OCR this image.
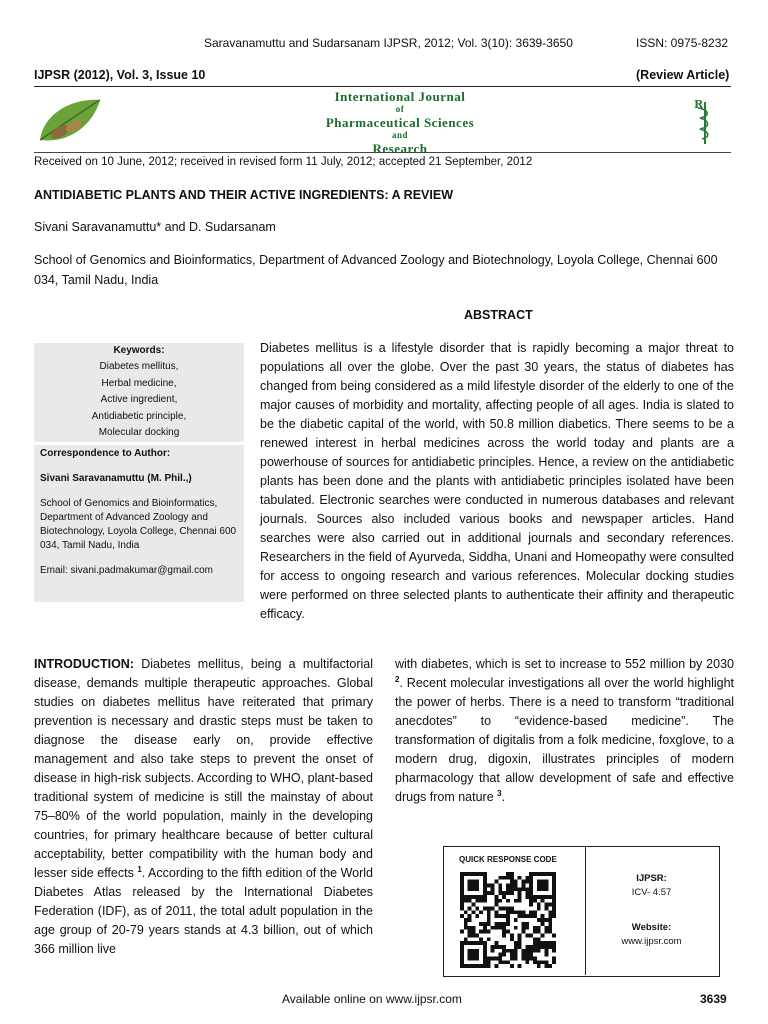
Saravanamuttu and Sudarsanam IJPSR, 2012; Vol. 3(10): 3639-3650	ISSN: 0975-8232
IJPSR (2012), Vol. 3, Issue 10	(Review Article)
International Journal
of
Pharmaceutical Sciences
and
Research
R
Received on 10 June, 2012; received in revised form 11 July, 2012; accepted 21 September, 2012
ANTIDIABETIC PLANTS AND THEIR ACTIVE INGREDIENTS: A REVIEW
Sivani Saravanamuttu* and D. Sudarsanam
School of Genomics and Bioinformatics, Department of Advanced Zoology and Biotechnology, Loyola College, Chennai 600 034, Tamil Nadu, India
ABSTRACT
Diabetes mellitus is a lifestyle disorder that is rapidly becoming a major threat to populations all over the globe. Over the past 30 years, the status of diabetes has changed from being considered as a mild lifestyle disorder of the elderly to one of the major causes of morbidity and mortality, affecting people of all ages. India is slated to be the diabetic capital of the world, with 50.8 million diabetics. There seems to be a renewed interest in herbal medicines across the world today and plants are a powerhouse of sources for antidiabetic principles. Hence, a review on the antidiabetic plants has been done and the plants with antidiabetic principles isolated have been tabulated. Electronic searches were conducted in numerous databases and relevant journals. Sources also included various books and newspaper articles. Hand searches were also carried out in additional journals and secondary references. Researchers in the field of Ayurveda, Siddha, Unani and Homeopathy were consulted for access to ongoing research and various references. Molecular docking studies were performed on three selected plants to authenticate their affinity and therapeutic efficacy.
Keywords:
Diabetes mellitus,
Herbal medicine,
Active ingredient,
Antidiabetic principle,
Molecular docking
Correspondence to Author:
Sivani Saravanamuttu (M. Phil.,)
School of Genomics and Bioinformatics, Department of Advanced Zoology and Biotechnology, Loyola College, Chennai 600 034, Tamil Nadu, India
Email: sivani.padmakumar@gmail.com
INTRODUCTION: Diabetes mellitus, being a multifactorial disease, demands multiple therapeutic approaches. Global studies on diabetes mellitus have reiterated that primary prevention is necessary and drastic steps must be taken to diagnose the disease early on, provide effective management and also take steps to prevent the onset of disease in high-risk subjects. According to WHO, plant-based traditional system of medicine is still the mainstay of about 75–80% of the world population, mainly in the developing countries, for primary healthcare because of better cultural acceptability, better compatibility with the human body and lesser side effects $^1$. According to the fifth edition of the World Diabetes Atlas released by the International Diabetes Federation (IDF), as of 2011, the total adult population in the age group of 20-79 years stands at 4.3 billion, out of which 366 million live
with diabetes, which is set to increase to 552 million by 2030 $^2$. Recent molecular investigations all over the world highlight the power of herbs. There is a need to transform “traditional anecdotes” to “evidence-based medicine”. The transformation of digitalis from a folk medicine, foxglove, to a modern drug, digoxin, illustrates principles of modern pharmacology that allow development of safe and effective drugs from nature $^3$.
QUICK RESPONSE CODE
IJPSR:
ICV- 4.57
Website:
www.ijpsr.com
Available online on www.ijpsr.com	3639
